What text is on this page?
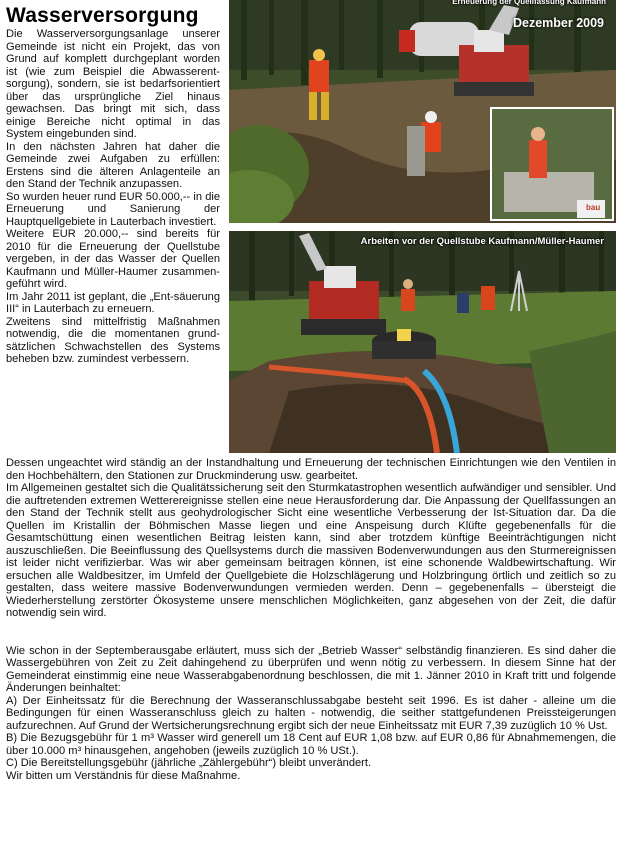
Wasserversorgung

Die Wasserversorgungsanlage unserer Gemeinde ist nicht ein Projekt, das von Grund auf komplett durchgeplant worden ist (wie zum Beispiel die Abwasserent-sorgung), sondern, sie ist bedarfsorientiert über das ursprüngliche Ziel hinaus gewachsen. Das bringt mit sich, dass einige Bereiche nicht optimal in das System eingebunden sind.

In den nächsten Jahren hat daher die Gemeinde zwei Aufgaben zu erfüllen: Erstens sind die älteren Anlagenteile an den Stand der Technik anzupassen.

So wurden heuer rund EUR 50.000,-- in die Erneuerung und Sanierung der Hauptquellgebiete in Lauterbach investiert.

Weitere EUR 20.000,-- sind bereits für 2010 für die Erneuerung der Quellstube vergeben, in der das Wasser der Quellen Kaufmann und Müller-Haumer zusammen-geführt wird.

Im Jahr 2011 ist geplant, die „Ent-säuerung III“ in Lauterbach zu erneuern.

Zweitens sind mittelfristig Maßnahmen notwendig, die die momentanen grund-sätzlichen Schwachstellen des Systems beheben bzw. zumindest verbessern.

Erneuerung der Quellfassung Kaufmann
Dezember 2009
bau
Arbeiten vor der Quellstube Kaufmann/Müller-Haumer

Dessen ungeachtet wird ständig an der Instandhaltung und Erneuerung der technischen Einrichtungen wie den Ventilen in den Hochbehältern, den Stationen zur Druckminderung usw. gearbeitet.

Im Allgemeinen gestaltet sich die Qualitätssicherung seit den Sturmkatastrophen wesentlich aufwändiger und sensibler. Und die auftretenden extremen Wetterereignisse stellen eine neue Herausforderung dar. Die Anpassung der Quellfassungen an den Stand der Technik stellt aus geohydrologischer Sicht eine wesentliche Verbesserung der Ist-Situation dar. Da die Quellen im Kristallin der Böhmischen Masse liegen und eine Anspeisung durch Klüfte gegebenenfalls für die Gesamtschüttung einen wesentlichen Beitrag leisten kann, sind aber trotzdem künftige Beeinträchtigungen nicht auszuschließen. Die Beeinflussung des Quellsystems durch die massiven Bodenverwundungen aus den Sturmereignissen ist leider nicht verifizierbar. Was wir aber gemeinsam beitragen können, ist eine schonende Waldbewirtschaftung. Wir ersuchen alle Waldbesitzer, im Umfeld der Quellgebiete die Holzschlägerung und Holzbringung örtlich und zeitlich so zu gestalten, dass weitere massive Bodenverwundungen vermieden werden. Denn – gegebenenfalls – übersteigt die Wiederherstellung zerstörter Ökosysteme unsere menschlichen Möglichkeiten, ganz abgesehen von der Zeit, die dafür notwendig sein wird.

Wie schon in der Septemberausgabe erläutert, muss sich der „Betrieb Wasser“ selbständig finanzieren. Es sind daher die Wassergebühren von Zeit zu Zeit dahingehend zu überprüfen und wenn nötig zu verbessern. In diesem Sinne hat der Gemeinderat einstimmig eine neue Wasserabgabenordnung beschlossen, die mit 1. Jänner 2010 in Kraft tritt und folgende Änderungen beinhaltet:

A) Der Einheitssatz für die Berechnung der Wasseranschlussabgabe besteht seit 1996. Es ist daher - alleine um die Bedingungen für einen Wasseranschluss gleich zu halten - notwendig, die seither stattgefundenen Preissteigerungen aufzurechnen. Auf Grund der Wertsicherungsrechnung ergibt sich der neue Einheitssatz mit EUR 7,39 zuzüglich 10 % Ust.

B) Die Bezugsgebühr für 1 m³ Wasser wird generell um 18 Cent auf EUR 1,08 bzw. auf EUR 0,86 für Abnahmemengen, die über 10.000 m³ hinausgehen, angehoben (jeweils zuzüglich 10 % USt.).

C) Die Bereitstellungsgebühr (jährliche „Zählergebühr“) bleibt unverändert.

Wir bitten um Verständnis für diese Maßnahme.
